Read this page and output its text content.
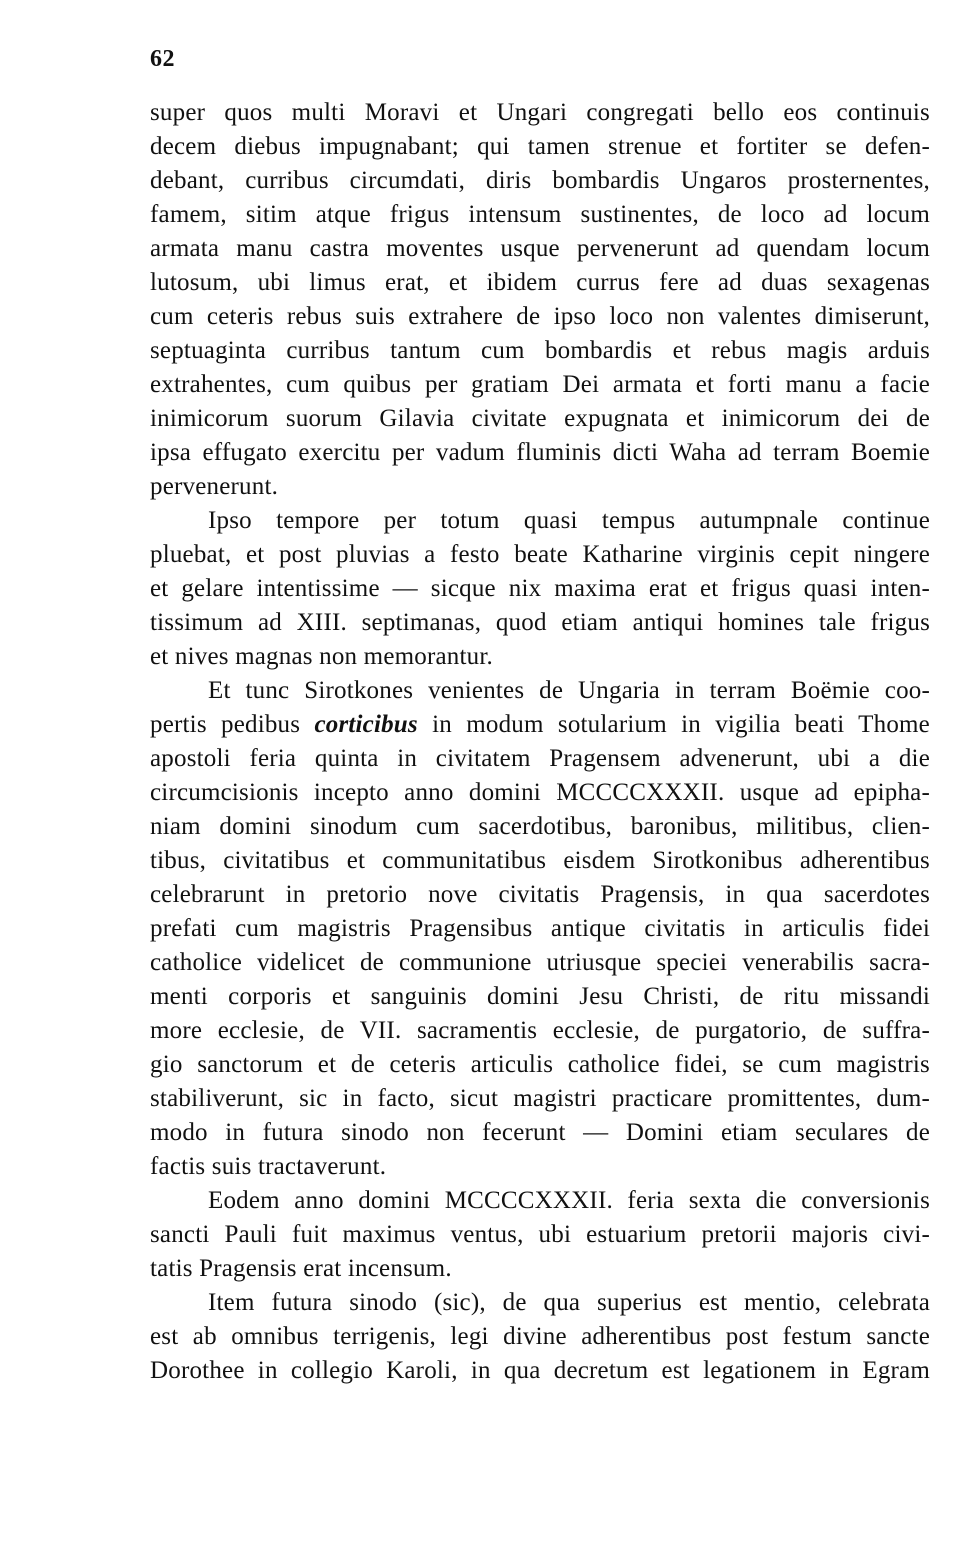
62
super quos multi Moravi et Ungari congregati bello eos continuis
decem diebus impugnabant; qui tamen strenue et fortiter se defen-
debant, curribus circumdati, diris bombardis Ungaros prosternentes,
famem, sitim atque frigus intensum sustinentes, de loco ad locum
armata manu castra moventes usque pervenerunt ad quendam locum
lutosum, ubi limus erat, et ibidem currus fere ad duas sexagenas
cum ceteris rebus suis extrahere de ipso loco non valentes dimiserunt,
septuaginta curribus tantum cum bombardis et rebus magis arduis
extrahentes, cum quibus per gratiam Dei armata et forti manu a facie
inimicorum suorum Gilavia civitate expugnata et inimicorum dei de
ipsa effugato exercitu per vadum fluminis dicti Waha ad terram Boemie
pervenerunt.
Ipso tempore per totum quasi tempus autumpnale continue
pluebat, et post pluvias a festo beate Katharine virginis cepit ningere
et gelare intentissime — sicque nix maxima erat et frigus quasi inten-
tissimum ad XIII. septimanas, quod etiam antiqui homines tale frigus
et nives magnas non memorantur.
Et tunc Sirotkones venientes de Ungaria in terram Boëmie coo-
pertis pedibus corticibus in modum sotularium in vigilia beati Thome
apostoli feria quinta in civitatem Pragensem advenerunt, ubi a die
circumcisionis incepto anno domini MCCCCXXXII. usque ad epipha-
niam domini sinodum cum sacerdotibus, baronibus, militibus, clien-
tibus, civitatibus et communitatibus eisdem Sirotkonibus adherentibus
celebrarunt in pretorio nove civitatis Pragensis, in qua sacerdotes
prefati cum magistris Pragensibus antique civitatis in articulis fidei
catholice videlicet de communione utriusque speciei venerabilis sacra-
menti corporis et sanguinis domini Jesu Christi, de ritu missandi
more ecclesie, de VII. sacramentis ecclesie, de purgatorio, de suffra-
gio sanctorum et de ceteris articulis catholice fidei, se cum magistris
stabiliverunt, sic in facto, sicut magistri practicare promittentes, dum-
modo in futura sinodo non fecerunt — Domini etiam seculares de
factis suis tractaverunt.
Eodem anno domini MCCCCXXXII. feria sexta die conversionis
sancti Pauli fuit maximus ventus, ubi estuarium pretorii majoris civi-
tatis Pragensis erat incensum.
Item futura sinodo (sic), de qua superius est mentio, celebrata
est ab omnibus terrigenis, legi divine adherentibus post festum sancte
Dorothee in collegio Karoli, in qua decretum est legationem in Egram
